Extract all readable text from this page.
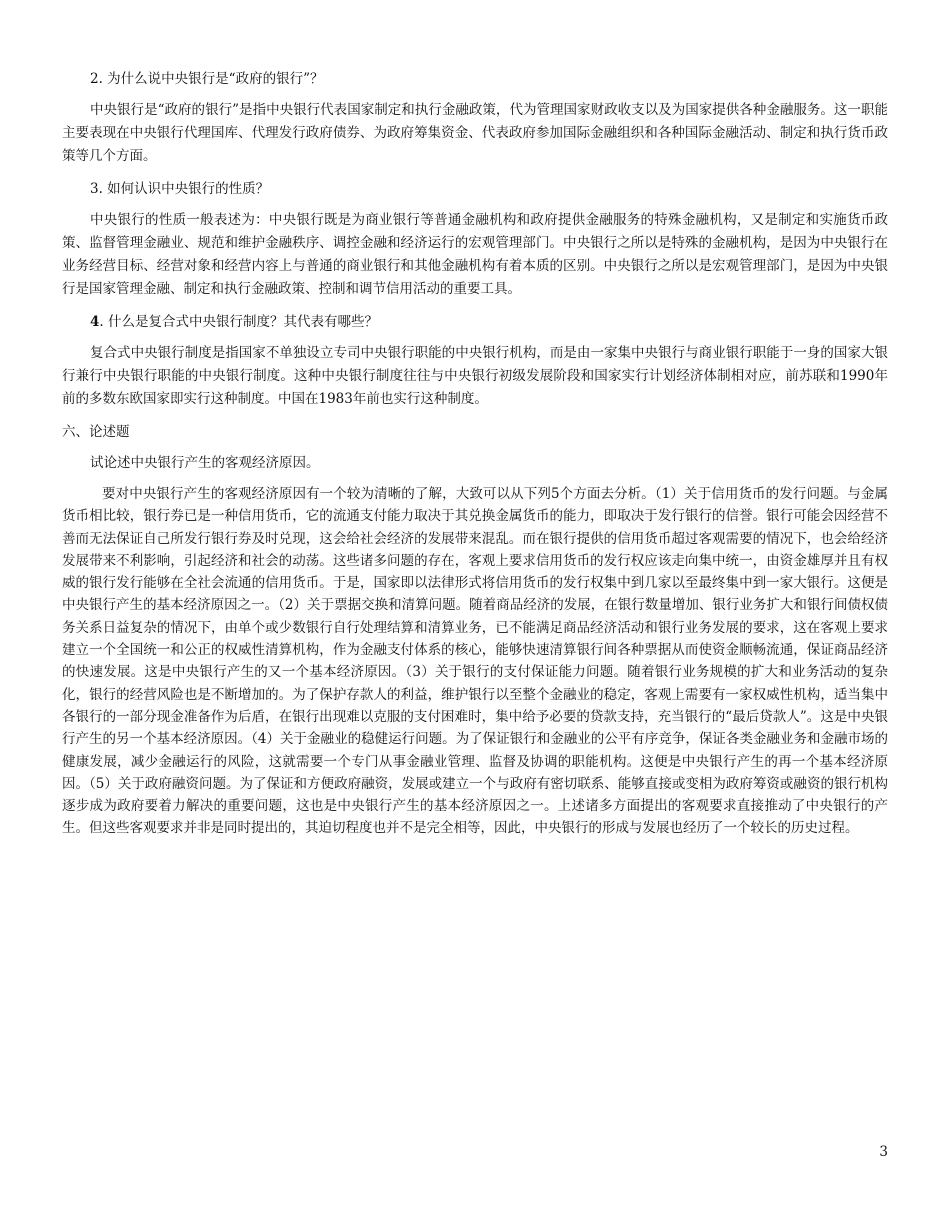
2. 为什么说中央银行是“政府的银行”？

中央银行是“政府的银行”是指中央银行代表国家制定和执行金融政策，代为管理国家财政收支以及为国家提供各种金融服务。这一职能主要表现在中央银行代理国库、代理发行政府债券、为政府筹集资金、代表政府参加国际金融组织和各种国际金融活动、制定和执行货币政策等几个方面。

3. 如何认识中央银行的性质？

中央银行的性质一般表述为：中央银行既是为商业银行等普通金融机构和政府提供金融服务的特殊金融机构，又是制定和实施货币政策、监督管理金融业、规范和维护金融秩序、调控金融和经济运行的宏观管理部门。中央银行之所以是特殊的金融机构，是因为中央银行在业务经营目标、经营对象和经营内容上与普通的商业银行和其他金融机构有着本质的区别。中央银行之所以是宏观管理部门，是因为中央银行是国家管理金融、制定和执行金融政策、控制和调节信用活动的重要工具。

4. 什么是复合式中央银行制度？其代表有哪些？

复合式中央银行制度是指国家不单独设立专司中央银行职能的中央银行机构，而是由一家集中央银行与商业银行职能于一身的国家大银行兼行中央银行职能的中央银行制度。这种中央银行制度往往与中央银行初级发展阶段和国家实行计划经济体制相对应，前苏联和1990年前的多数东欧国家即实行这种制度。中国在1983年前也实行这种制度。

六、论述题

试论述中央银行产生的客观经济原因。

要对中央银行产生的客观经济原因有一个较为清晰的了解，大致可以从下列5个方面去分析。（1）关于信用货币的发行问题。与金属货币相比较，银行券已是一种信用货币，它的流通支付能力取决于其兑换金属货币的能力，即取决于发行银行的信誉。银行可能会因经营不善而无法保证自己所发行银行券及时兑现，这会给社会经济的发展带来混乱。而在银行提供的信用货币超过客观需要的情况下，也会给经济发展带来不利影响，引起经济和社会的动荡。这些诸多问题的存在，客观上要求信用货币的发行权应该走向集中统一，由资金雄厚并且有权威的银行发行能够在全社会流通的信用货币。于是，国家即以法律形式将信用货币的发行权集中到几家以至最终集中到一家大银行。这便是中央银行产生的基本经济原因之一。（2）关于票据交换和清算问题。随着商品经济的发展，在银行数量增加、银行业务扩大和银行间债权债务关系日益复杂的情况下，由单个或少数银行自行处理结算和清算业务，已不能满足商品经济活动和银行业务发展的要求，这在客观上要求建立一个全国统一和公正的权威性清算机构，作为金融支付体系的核心，能够快速清算银行间各种票据从而使资金顺畅流通，保证商品经济的快速发展。这是中央银行产生的又一个基本经济原因。（3）关于银行的支付保证能力问题。随着银行业务规模的扩大和业务活动的复杂化，银行的经营风险也是不断增加的。为了保护存款人的利益，维护银行以至整个金融业的稳定，客观上需要有一家权威性机构，适当集中各银行的一部分现金准备作为后盾，在银行出现难以克服的支付困难时，集中给予必要的贷款支持，充当银行的“最后贷款人”。这是中央银行产生的另一个基本经济原因。（4）关于金融业的稳健运行问题。为了保证银行和金融业的公平有序竞争，保证各类金融业务和金融市场的健康发展，减少金融运行的风险，这就需要一个专门从事金融业管理、监督及协调的职能机构。这便是中央银行产生的再一个基本经济原因。（5）关于政府融资问题。为了保证和方便政府融资，发展或建立一个与政府有密切联系、能够直接或变相为政府筹资或融资的银行机构逐步成为政府要着力解决的重要问题，这也是中央银行产生的基本经济原因之一。上述诸多方面提出的客观要求直接推动了中央银行的产生。但这些客观要求并非是同时提出的，其迫切程度也并不是完全相等，因此，中央银行的形成与发展也经历了一个较长的历史过程。

3
